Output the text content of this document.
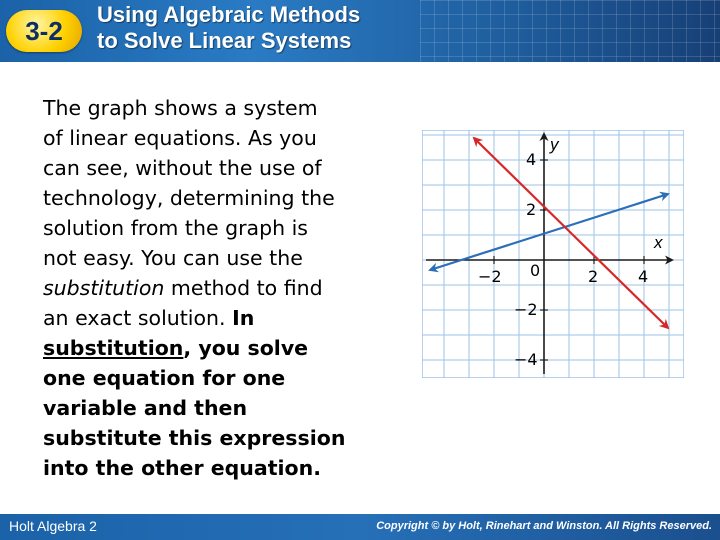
3-2
Using Algebraic Methods
to Solve Linear Systems
The graph shows a system
of linear equations. As you
can see, without the use of
technology, determining the
solution from the graph is
not easy. You can use the
substitution method to find
an exact solution. In
substitution, you solve
one equation for one
variable and then
substitute this expression
into the other equation.
y
x
4
2
−2
−4
−2	2 4
0
Holt Algebra 2	Copyright © by Holt, Rinehart and Winston. All Rights Reserved.
